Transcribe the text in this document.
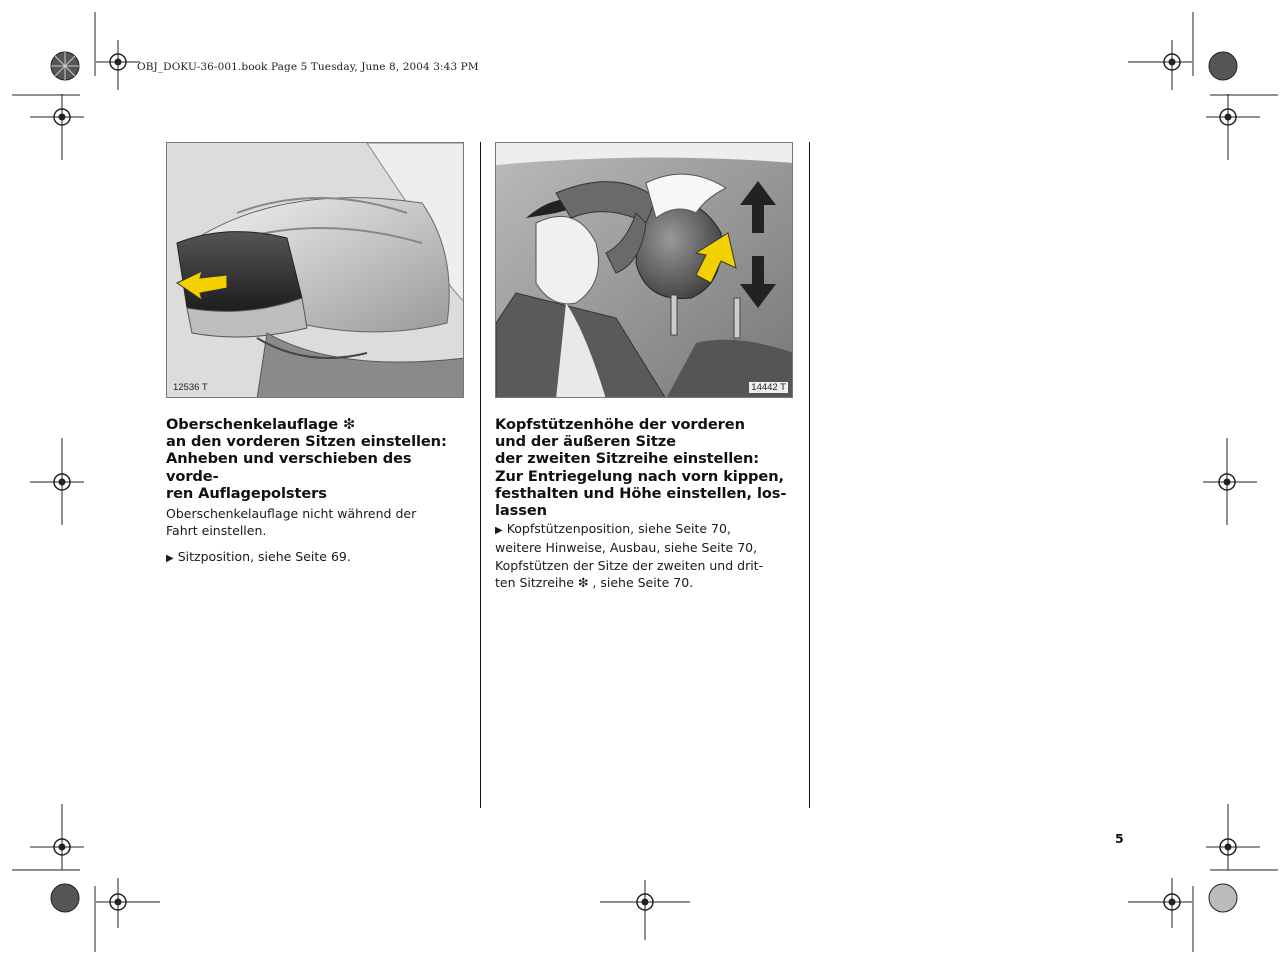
OBJ_DOKU-36-001.book Page 5 Tuesday, June 8, 2004 3:43 PM
12536 T	14442 T

Oberschenkelauflage ❇
an den vorderen Sitzen einstellen:
Anheben und verschieben des vorde-
ren Auflagepolsters

Oberschenkelauflage nicht während der
Fahrt einstellen.

▶ Sitzposition, siehe Seite 69.

Kopfstützenhöhe der vorderen
und der äußeren Sitze
der zweiten Sitzreihe einstellen:
Zur Entriegelung nach vorn kippen,
festhalten und Höhe einstellen, los-
lassen

▶ Kopfstützenposition, siehe Seite 70,
weitere Hinweise, Ausbau, siehe Seite 70,
Kopfstützen der Sitze der zweiten und drit-
ten Sitzreihe ❇ , siehe Seite 70.

5
